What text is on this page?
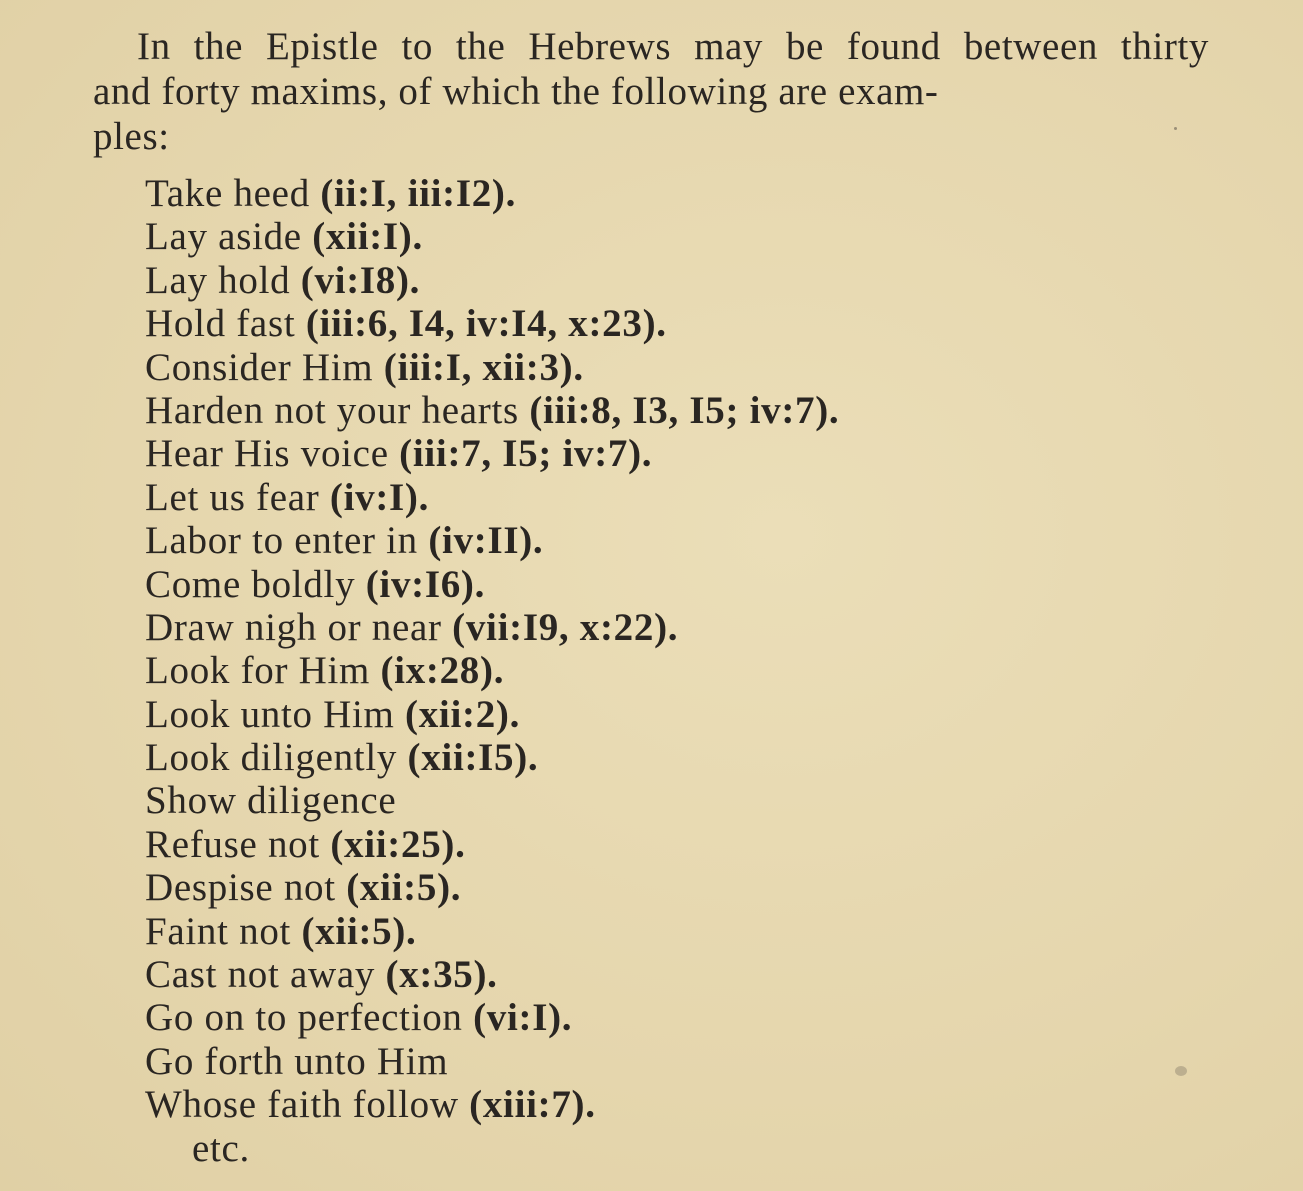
In the Epistle to the Hebrews may be found between thirty and forty maxims, of which the following are exam-
ples:

Take heed (ii:I, iii:I2).
Lay aside (xii:I).
Lay hold (vi:I8).
Hold fast (iii:6, I4, iv:I4, x:23).
Consider Him (iii:I, xii:3).
Harden not your hearts (iii:8, I3, I5; iv:7).
Hear His voice (iii:7, I5; iv:7).
Let us fear (iv:I).
Labor to enter in (iv:II).
Come boldly (iv:I6).
Draw nigh or near (vii:I9, x:22).
Look for Him (ix:28).
Look unto Him (xii:2).
Look diligently (xii:I5).
Show diligence
Refuse not (xii:25).
Despise not (xii:5).
Faint not (xii:5).
Cast not away (x:35).
Go on to perfection (vi:I).
Go forth unto Him
Whose faith follow (xiii:7).
etc.
